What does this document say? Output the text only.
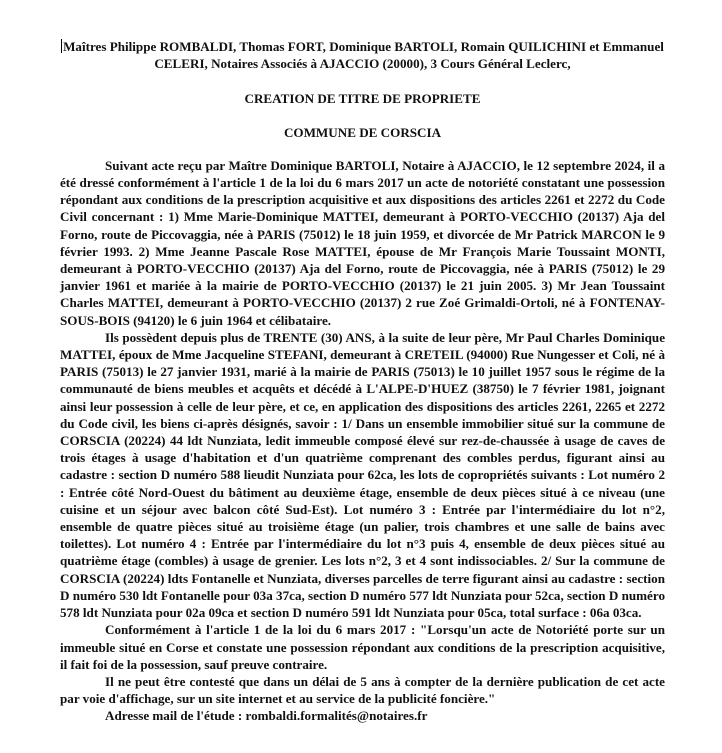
Maîtres Philippe ROMBALDI, Thomas FORT, Dominique BARTOLI, Romain QUILICHINI et Emmanuel CELERI, Notaires Associés à AJACCIO (20000), 3 Cours Général Leclerc,

CREATION DE TITRE DE PROPRIETE

COMMUNE DE CORSCIA

Suivant acte reçu par Maître Dominique BARTOLI, Notaire à AJACCIO, le 12 septembre 2024, il a été dressé conformément à l'article 1 de la loi du 6 mars 2017 un acte de notoriété constatant une possession répondant aux conditions de la prescription acquisitive et aux dispositions des articles 2261 et 2272 du Code Civil concernant : 1) Mme Marie-Dominique MATTEI, demeurant à PORTO-VECCHIO (20137) Aja del Forno, route de Piccovaggia, née à PARIS (75012) le 18 juin 1959, et divorcée de Mr Patrick MARCON le 9 février 1993. 2) Mme Jeanne Pascale Rose MATTEI, épouse de Mr François Marie Toussaint MONTI, demeurant à PORTO-VECCHIO (20137) Aja del Forno, route de Piccovaggia, née à PARIS (75012) le 29 janvier 1961 et mariée à la mairie de PORTO-VECCHIO (20137) le 21 juin 2005. 3) Mr Jean Toussaint Charles MATTEI, demeurant à PORTO-VECCHIO (20137) 2 rue Zoé Grimaldi-Ortoli, né à FONTENAY-SOUS-BOIS (94120) le 6 juin 1964 et célibataire.

Ils possèdent depuis plus de TRENTE (30) ANS, à la suite de leur père, Mr Paul Charles Dominique MATTEI, époux de Mme Jacqueline STEFANI, demeurant à CRETEIL (94000) Rue Nungesser et Coli, né à PARIS (75013) le 27 janvier 1931, marié à la mairie de PARIS (75013) le 10 juillet 1957 sous le régime de la communauté de biens meubles et acquêts et décédé à L'ALPE-D'HUEZ (38750) le 7 février 1981, joignant ainsi leur possession à celle de leur père, et ce, en application des dispositions des articles 2261, 2265 et 2272 du Code civil, les biens ci-après désignés, savoir : 1/ Dans un ensemble immobilier situé sur la commune de CORSCIA (20224) 44 ldt Nunziata, ledit immeuble composé élevé sur rez-de-chaussée à usage de caves de trois étages à usage d'habitation et d'un quatrième comprenant des combles perdus, figurant ainsi au cadastre : section D numéro 588 lieudit Nunziata pour 62ca, les lots de copropriétés suivants : Lot numéro 2 : Entrée côté Nord-Ouest du bâtiment au deuxième étage, ensemble de deux pièces situé à ce niveau (une cuisine et un séjour avec balcon côté Sud-Est). Lot numéro 3 : Entrée par l'intermédiaire du lot n°2, ensemble de quatre pièces situé au troisième étage (un palier, trois chambres et une salle de bains avec toilettes). Lot numéro 4 : Entrée par l'intermédiaire du lot n°3 puis 4, ensemble de deux pièces situé au quatrième étage (combles) à usage de grenier. Les lots n°2, 3 et 4 sont indissociables. 2/ Sur la commune de CORSCIA (20224) ldts Fontanelle et Nunziata, diverses parcelles de terre figurant ainsi au cadastre : section D numéro 530 ldt Fontanelle pour 03a 37ca, section D numéro 577 ldt Nunziata pour 52ca, section D numéro 578 ldt Nunziata pour 02a 09ca et section D numéro 591 ldt Nunziata pour 05ca, total surface : 06a 03ca.

Conformément à l'article 1 de la loi du 6 mars 2017 : "Lorsqu'un acte de Notoriété porte sur un immeuble situé en Corse et constate une possession répondant aux conditions de la prescription acquisitive, il fait foi de la possession, sauf preuve contraire.

Il ne peut être contesté que dans un délai de 5 ans à compter de la dernière publication de cet acte par voie d'affichage, sur un site internet et au service de la publicité foncière."

Adresse mail de l'étude : rombaldi.formalités@notaires.fr
